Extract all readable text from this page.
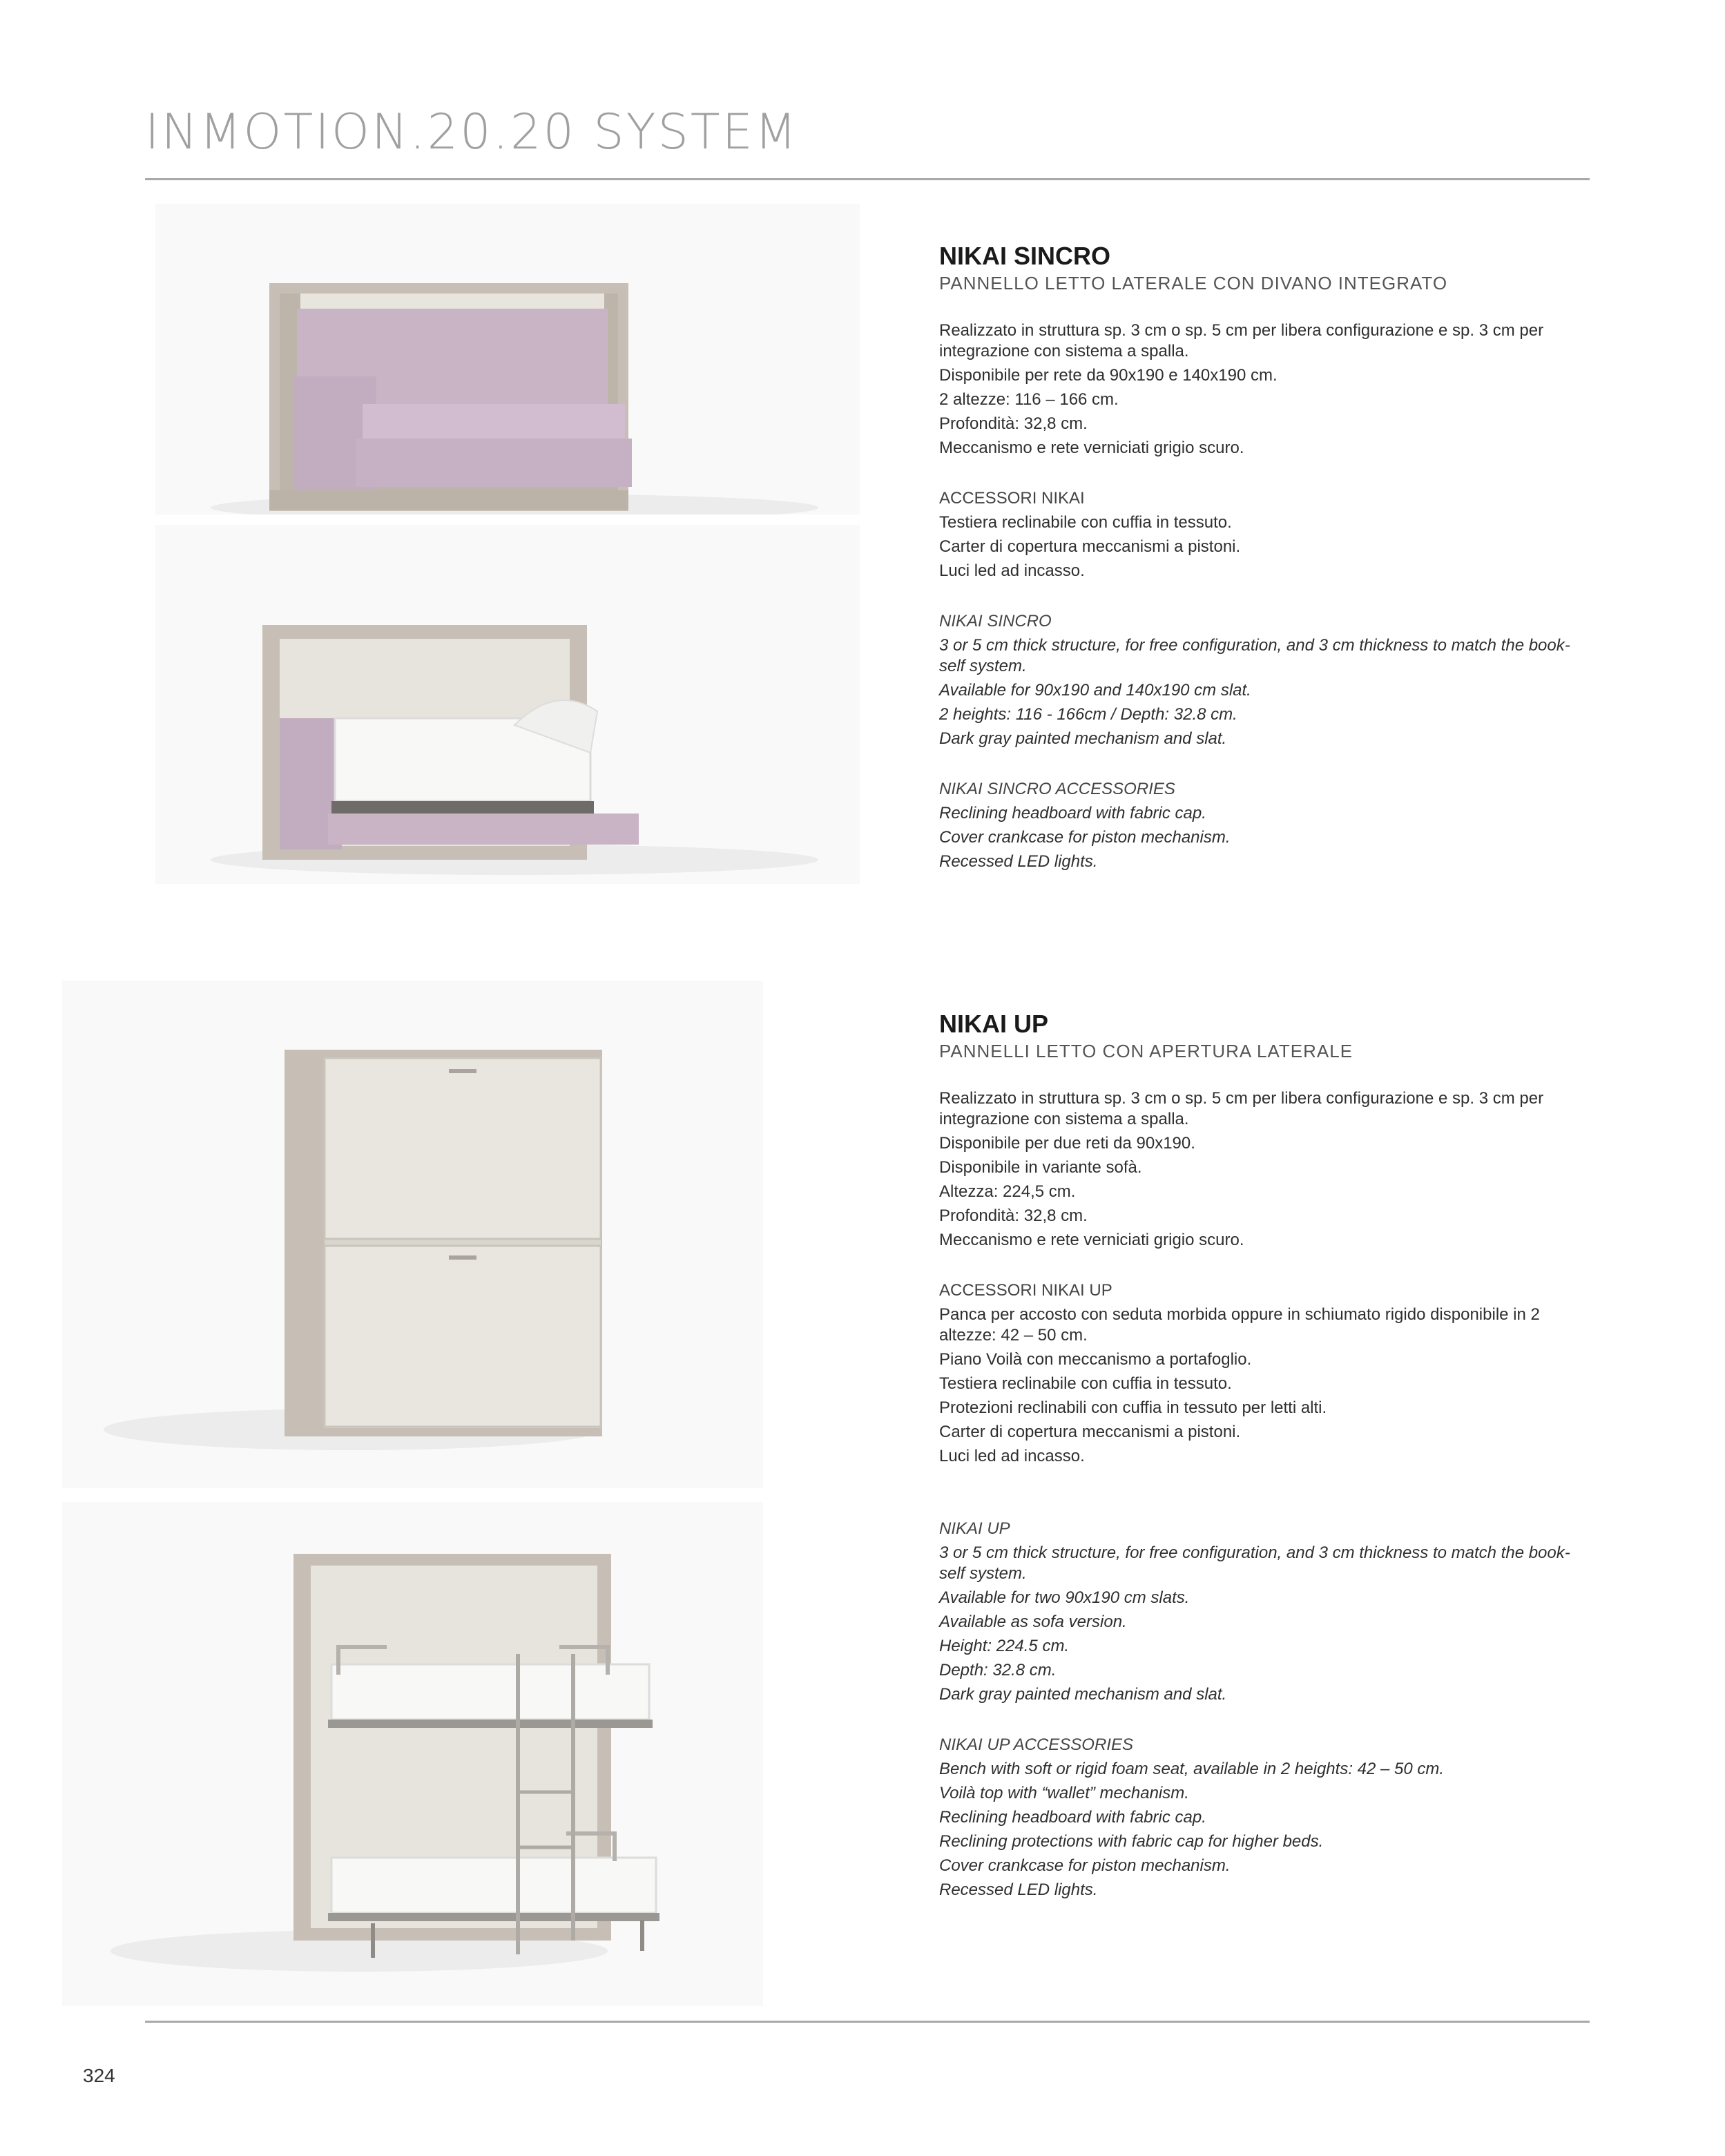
INMOTION.20.20 SYSTEM
NIKAI SINCRO
PANNELLO LETTO LATERALE CON DIVANO INTEGRATO
Realizzato in struttura sp. 3 cm o sp. 5 cm per libera configurazione e sp. 3 cm per integrazione con sistema a spalla.
Disponibile per rete da 90x190 e 140x190 cm.
2 altezze: 116 – 166 cm.
Profondità: 32,8 cm.
Meccanismo e rete verniciati grigio scuro.
ACCESSORI NIKAI
Testiera reclinabile con cuffia in tessuto.
Carter di copertura meccanismi a pistoni.
Luci led ad incasso.
NIKAI SINCRO
3 or 5 cm thick structure, for free configuration, and 3 cm thickness to match the book-self system.
Available for 90x190 and 140x190 cm slat.
2 heights: 116 - 166cm / Depth: 32.8 cm.
Dark gray painted mechanism and slat.
NIKAI SINCRO ACCESSORIES
Reclining headboard with fabric cap.
Cover crankcase for piston mechanism.
Recessed LED lights.
NIKAI UP
PANNELLI LETTO CON APERTURA LATERALE
Realizzato in struttura sp. 3 cm o sp. 5 cm per libera configurazione e sp. 3 cm per integrazione con sistema a spalla.
Disponibile per due reti da 90x190.
Disponibile in variante sofà.
Altezza: 224,5 cm.
Profondità: 32,8 cm.
Meccanismo e rete verniciati grigio scuro.
ACCESSORI NIKAI UP
Panca per accosto con seduta morbida oppure in schiumato rigido disponibile in 2 altezze: 42 – 50 cm.
Piano Voilà con meccanismo a portafoglio.
Testiera reclinabile con cuffia in tessuto.
Protezioni reclinabili con cuffia in tessuto per letti alti.
Carter di copertura meccanismi a pistoni.
Luci led ad incasso.
NIKAI UP
3 or 5 cm thick structure, for free configuration, and 3 cm thickness to match the book-self system.
Available for two 90x190 cm slats.
Available as sofa version.
Height: 224.5 cm.
Depth: 32.8 cm.
Dark gray painted mechanism and slat.
NIKAI UP ACCESSORIES
Bench with soft or rigid foam seat, available in 2 heights: 42 – 50 cm.
Voilà top with “wallet” mechanism.
Reclining headboard with fabric cap.
Reclining protections with fabric cap for higher beds.
Cover crankcase for piston mechanism.
Recessed LED lights.
324
